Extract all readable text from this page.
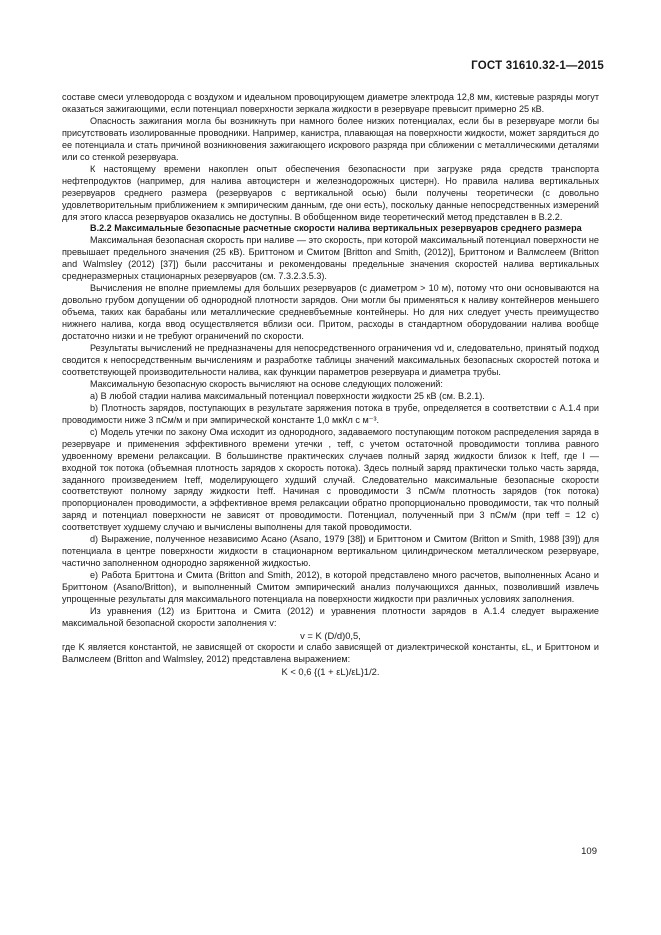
ГОСТ 31610.32-1—2015

составе смеси углеводорода с воздухом и идеальном провоцирующем диаметре электрода 12,8 мм, кистевые разряды могут оказаться зажигающими, если потенциал поверхности зеркала жидкости в резервуаре превысит примерно 25 кВ.

Опасность зажигания могла бы возникнуть при намного более низких потенциалах, если бы в резервуаре могли бы присутствовать изолированные проводники. Например, канистра, плавающая на поверхности жидкости, может зарядиться до ее потенциала и стать причиной возникновения зажигающего искрового разряда при сближении с металлическими деталями или со стенкой резервуара.

К настоящему времени накоплен опыт обеспечения безопасности при загрузке ряда средств транспорта нефтепродуктов (например, для налива автоцистерн и железнодорожных цистерн). Но правила налива вертикальных резервуаров среднего размера (резервуаров с вертикальной осью) были получены теоретически (с довольно удовлетворительным приближением к эмпирическим данным, где они есть), поскольку данные непосредственных измерений для этого класса резервуаров оказались не доступны. В обобщенном виде теоретический метод представлен в В.2.2.

B.2.2 Максимальные безопасные расчетные скорости налива вертикальных резервуаров среднего размера

Максимальная безопасная скорость при наливе — это скорость, при которой максимальный потенциал поверхности не превышает предельного значения (25 кВ). Бриттоном и Смитом [Britton and Smith, (2012)], Бриттоном и Валмслеем (Britton and Walmsley (2012) [37]) были рассчитаны и рекомендованы предельные значения скоростей налива вертикальных среднеразмерных стационарных резервуаров (см. 7.3.2.3.5.3).

Вычисления не вполне приемлемы для больших резервуаров (с диаметром > 10 м), потому что они основываются на довольно грубом допущении об однородной плотности зарядов. Они могли бы применяться к наливу контейнеров меньшего объема, таких как барабаны или металлические средневбъемные контейнеры. Но для них следует учесть преимущество нижнего налива, когда ввод осуществляется вблизи оси. Притом, расходы в стандартном оборудовании налива вообще достаточно низки и не требуют ограничений по скорости.

Результаты вычислений не предназначены для непосредственного ограничения vd и, следовательно, принятый подход сводится к непосредственным вычислениям и разработке таблицы значений максимальных безопасных скоростей потока и соответствующей производительности налива, как функции параметров резервуара и диаметра трубы.

Максимальную безопасную скорость вычисляют на основе следующих положений:

а) В любой стадии налива максимальный потенциал поверхности жидкости 25 кВ (см. В.2.1).

b) Плотность зарядов, поступающих в результате заряжения потока в трубе, определяется в соответствии с А.1.4 при проводимости ниже 3 пСм/м и при эмпирической константе 1,0 мкКл с м⁻³.

c) Модель утечки по закону Ома исходит из однородного, задаваемого поступающим потоком распределения заряда в резервуаре и применения эффективного времени утечки , τeff, с учетом остаточной проводимости топлива равного удвоенному времени релаксации. В большинстве практических случаев полный заряд жидкости близок к Iτeff, где I — входной ток потока (объемная плотность зарядов х скорость потока). Здесь полный заряд практически только часть заряда, заданного произведением Iτeff, моделирующего худший случай. Следовательно максимальные безопасные скорости соответствуют полному заряду жидкости Iτeff. Начиная с проводимости 3 пСм/м плотность зарядов (ток потока) пропорционален проводимости, а эффективное время релаксации обратно пропорционально проводимости, так что полный заряд и потенциал поверхности не зависят от проводимости. Потенциал, полученный при 3 пСм/м (при τeff = 12 с) соответствует худшему случаю и вычислены выполнены для такой проводимости.

d) Выражение, полученное независимо Асано (Asano, 1979 [38]) и Бриттоном и Смитом (Britton и Smith, 1988 [39]) для потенциала в центре поверхности жидкости в стационарном вертикальном цилиндрическом металлическом резервуаре, частично заполненном однородно заряженной жидкостью.

е) Работа Бриттона и Смита (Britton and Smith, 2012), в которой представлено много расчетов, выполненных Асано и Бриттоном (Asano/Britton), и выполненный Смитом эмпирический анализ получающихся данных, позволивший извлечь упрощенные результаты для максимального потенциала на поверхности жидкости при различных условиях заполнения.

Из уравнения (12) из Бриттона и Смита (2012) и уравнения плотности зарядов в А.1.4 следует выражение максимальной безопасной скорости заполнения v:

v = K (D/d)0,5,

где K является константой, не зависящей от скорости и слабо зависящей от диэлектрической константы, εL, и Бриттоном и Валмслеем (Britton and Walmsley, 2012) представлена выражением:

K < 0,6 {(1 + εL)/εL}1/2.

109
